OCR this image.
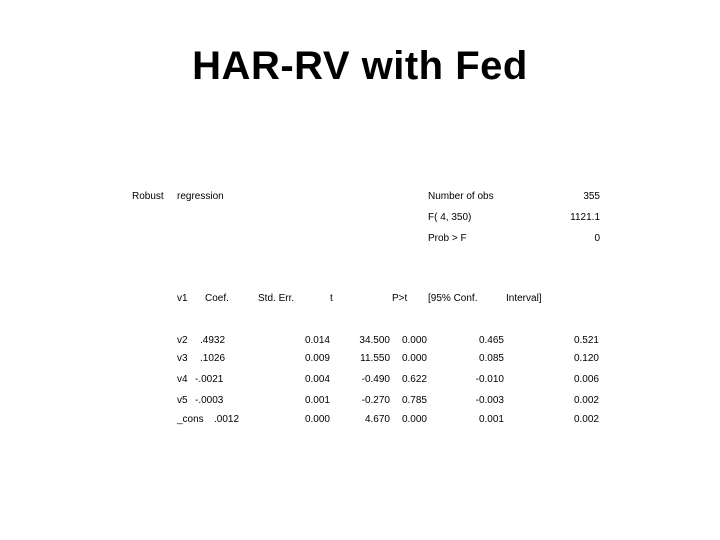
HAR-RV with Fed
Robust regression	Number of obs	355
F( 4, 350)	1121.1
Prob > F	0
v1 Coef.	Std. Err.	t	P>t [95% Conf.	Interval]
v2 .4932	0.014	34.500	0.000	0.465	0.521
v3 .1026	0.009	11.550	0.000	0.085	0.120
v4 -.0021	0.004	-0.490	0.622	-0.010	0.006
v5 -.0003	0.001	-0.270	0.785	-0.003	0.002
_cons .0012	0.000	4.670	0.000	0.001	0.002
